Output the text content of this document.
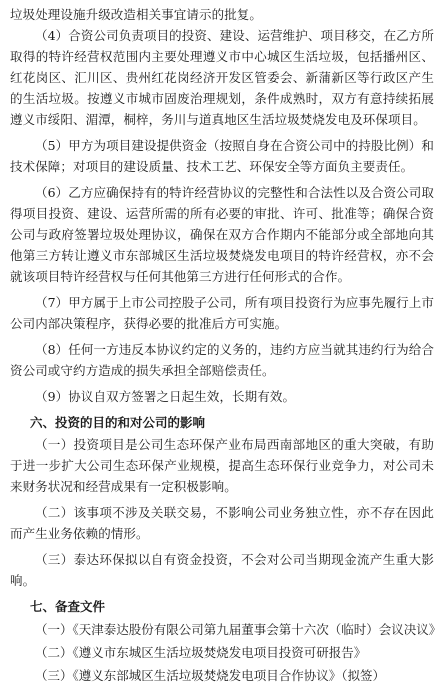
垃圾处理设施升级改造相关事宜请示的批复。

（4）合资公司负责项目的投资、建设、运营维护、项目移交，在乙方所取得的特许经营权范围内主要处理遵义市中心城区生活垃圾，包括播州区、红花岗区、汇川区、贵州红花岗经济开发区管委会、新蒲新区等行政区产生的生活垃圾。按遵义市城市固废治理规划，条件成熟时，双方有意持续拓展遵义市绥阳、湄潭，桐梓，务川与道真地区生活垃圾焚烧发电及环保项目。

（5）甲方为项目建设提供资金（按照自身在合资公司中的持股比例）和技术保障；对项目的建设质量、技术工艺、环保安全等方面负主要责任。

（6）乙方应确保持有的特许经营协议的完整性和合法性以及合资公司取得项目投资、建设、运营所需的所有必要的审批、许可、批准等；确保合资公司与政府签署垃圾处理协议，确保在双方合作期内不能部分或全部地向其他第三方转让遵义市东部城区生活垃圾焚烧发电项目的特许经营权，亦不会就该项目特许经营权与任何其他第三方进行任何形式的合作。

（7）甲方属于上市公司控股子公司，所有项目投资行为应事先履行上市公司内部决策程序，获得必要的批准后方可实施。

（8）任何一方违反本协议约定的义务的，违约方应当就其违约行为给合资公司或守约方造成的损失承担全部赔偿责任。

（9）协议自双方签署之日起生效，长期有效。

六、投资的目的和对公司的影响

（一）投资项目是公司生态环保产业布局西南部地区的重大突破，有助于进一步扩大公司生态环保产业规模，提高生态环保行业竞争力，对公司未来财务状况和经营成果有一定积极影响。

（二）该事项不涉及关联交易，不影响公司业务独立性，亦不存在因此而产生业务依赖的情形。

（三）泰达环保拟以自有资金投资，不会对公司当期现金流产生重大影响。

七、备查文件

（一）《天津泰达股份有限公司第九届董事会第十六次（临时）会议决议》

（二）《遵义市东城区生活垃圾焚烧发电项目投资可研报告》

（三）《遵义东部城区生活垃圾焚烧发电项目合作协议》（拟签）
